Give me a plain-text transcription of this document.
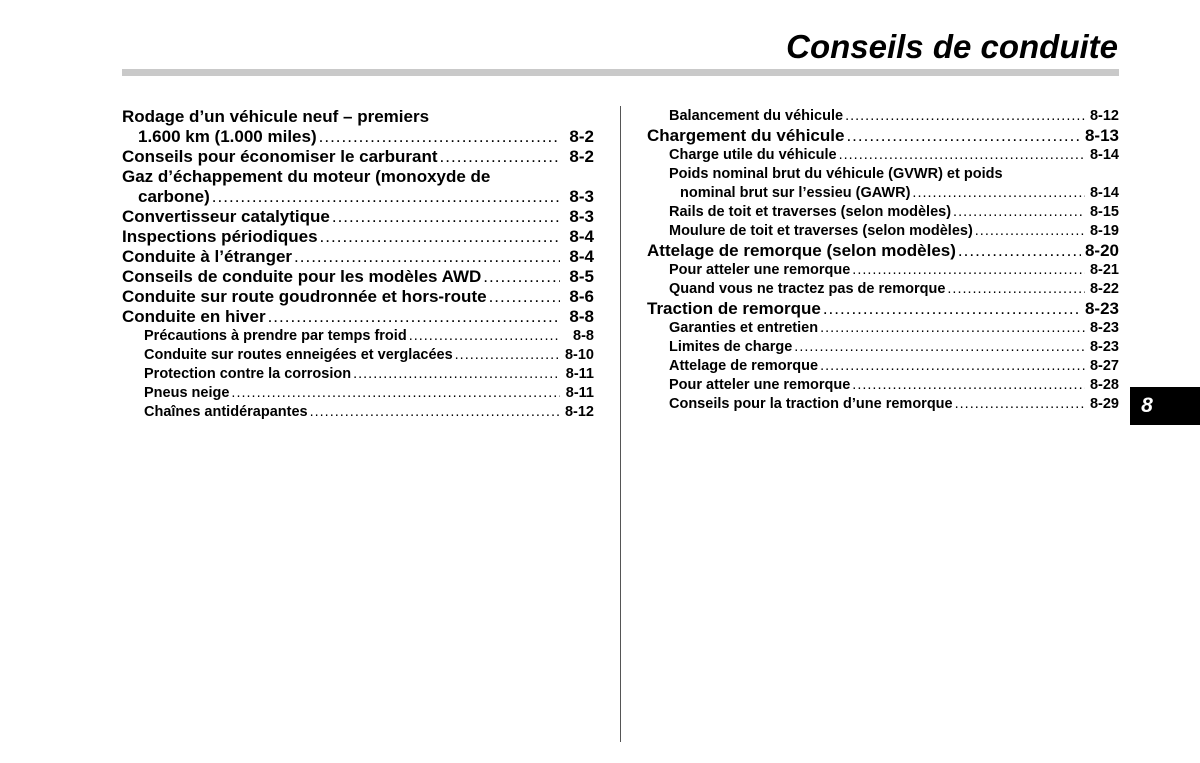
Conseils de conduite
Rodage d’un véhicule neuf – premiers
1.600 km (1.000 miles) .....	8-2
Conseils pour économiser le carburant .....	8-2
Gaz d’échappement du moteur (monoxyde de
carbone) .....	8-3
Convertisseur catalytique .....	8-3
Inspections périodiques .....	8-4
Conduite à l’étranger .....	8-4
Conseils de conduite pour les modèles AWD .....	8-5
Conduite sur route goudronnée et hors-route .....	8-6
Conduite en hiver .....	8-8
Précautions à prendre par temps froid .....	8-8
Conduite sur routes enneigées et verglacées .....	8-10
Protection contre la corrosion .....	8-11
Pneus neige .....	8-11
Chaînes antidérapantes .....	8-12
Balancement du véhicule .....	8-12
Chargement du véhicule .....	8-13
Charge utile du véhicule .....	8-14
Poids nominal brut du véhicule (GVWR) et poids
nominal brut sur l’essieu (GAWR) .....	8-14
Rails de toit et traverses (selon modèles) .....	8-15
Moulure de toit et traverses (selon modèles) .....	8-19
Attelage de remorque (selon modèles) .....	8-20
Pour atteler une remorque .....	8-21
Quand vous ne tractez pas de remorque .....	8-22
Traction de remorque .....	8-23
Garanties et entretien .....	8-23
Limites de charge .....	8-23
Attelage de remorque .....	8-27
Pour atteler une remorque .....	8-28
Conseils pour la traction d’une remorque .....	8-29	8
